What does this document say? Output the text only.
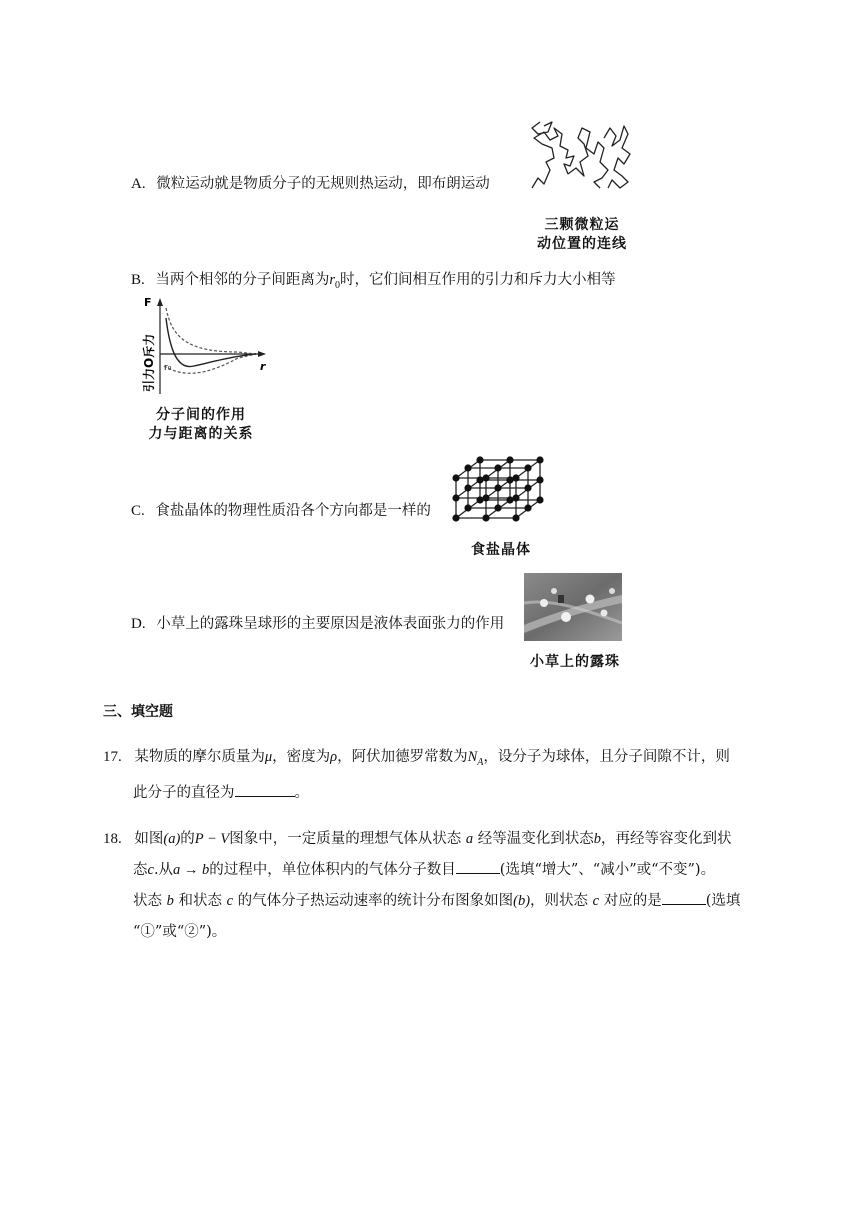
A. 微粒运动就是物质分子的无规则热运动，即布朗运动
三颗微粒运
动位置的连线
B. 当两个相邻的分子间距离为$r_0$时，它们间相互作用的引力和斥力大小相等
F
r
r₀
引力O斥力
分子间的作用
力与距离的关系
C. 食盐晶体的物理性质沿各个方向都是一样的
食盐晶体
D. 小草上的露珠呈球形的主要原因是液体表面张力的作用
小草上的露珠
三、填空题
17. 某物质的摩尔质量为μ，密度为ρ，阿伏加德罗常数为$N_A$，设分子为球体，且分子间隙不计，则
此分子的直径为	。
18. 如图(a)的P − V图象中，一定质量的理想气体从状态 a 经等温变化到状态b，再经等容变化到状
态c.从a → b的过程中，单位体积内的气体分子数目	(选填“增大”、“减小”或“不变”)。
状态 b 和状态 c 的气体分子热运动速率的统计分布图象如图(b)，则状态 c 对应的是	(选填
“①”或“②”)。
